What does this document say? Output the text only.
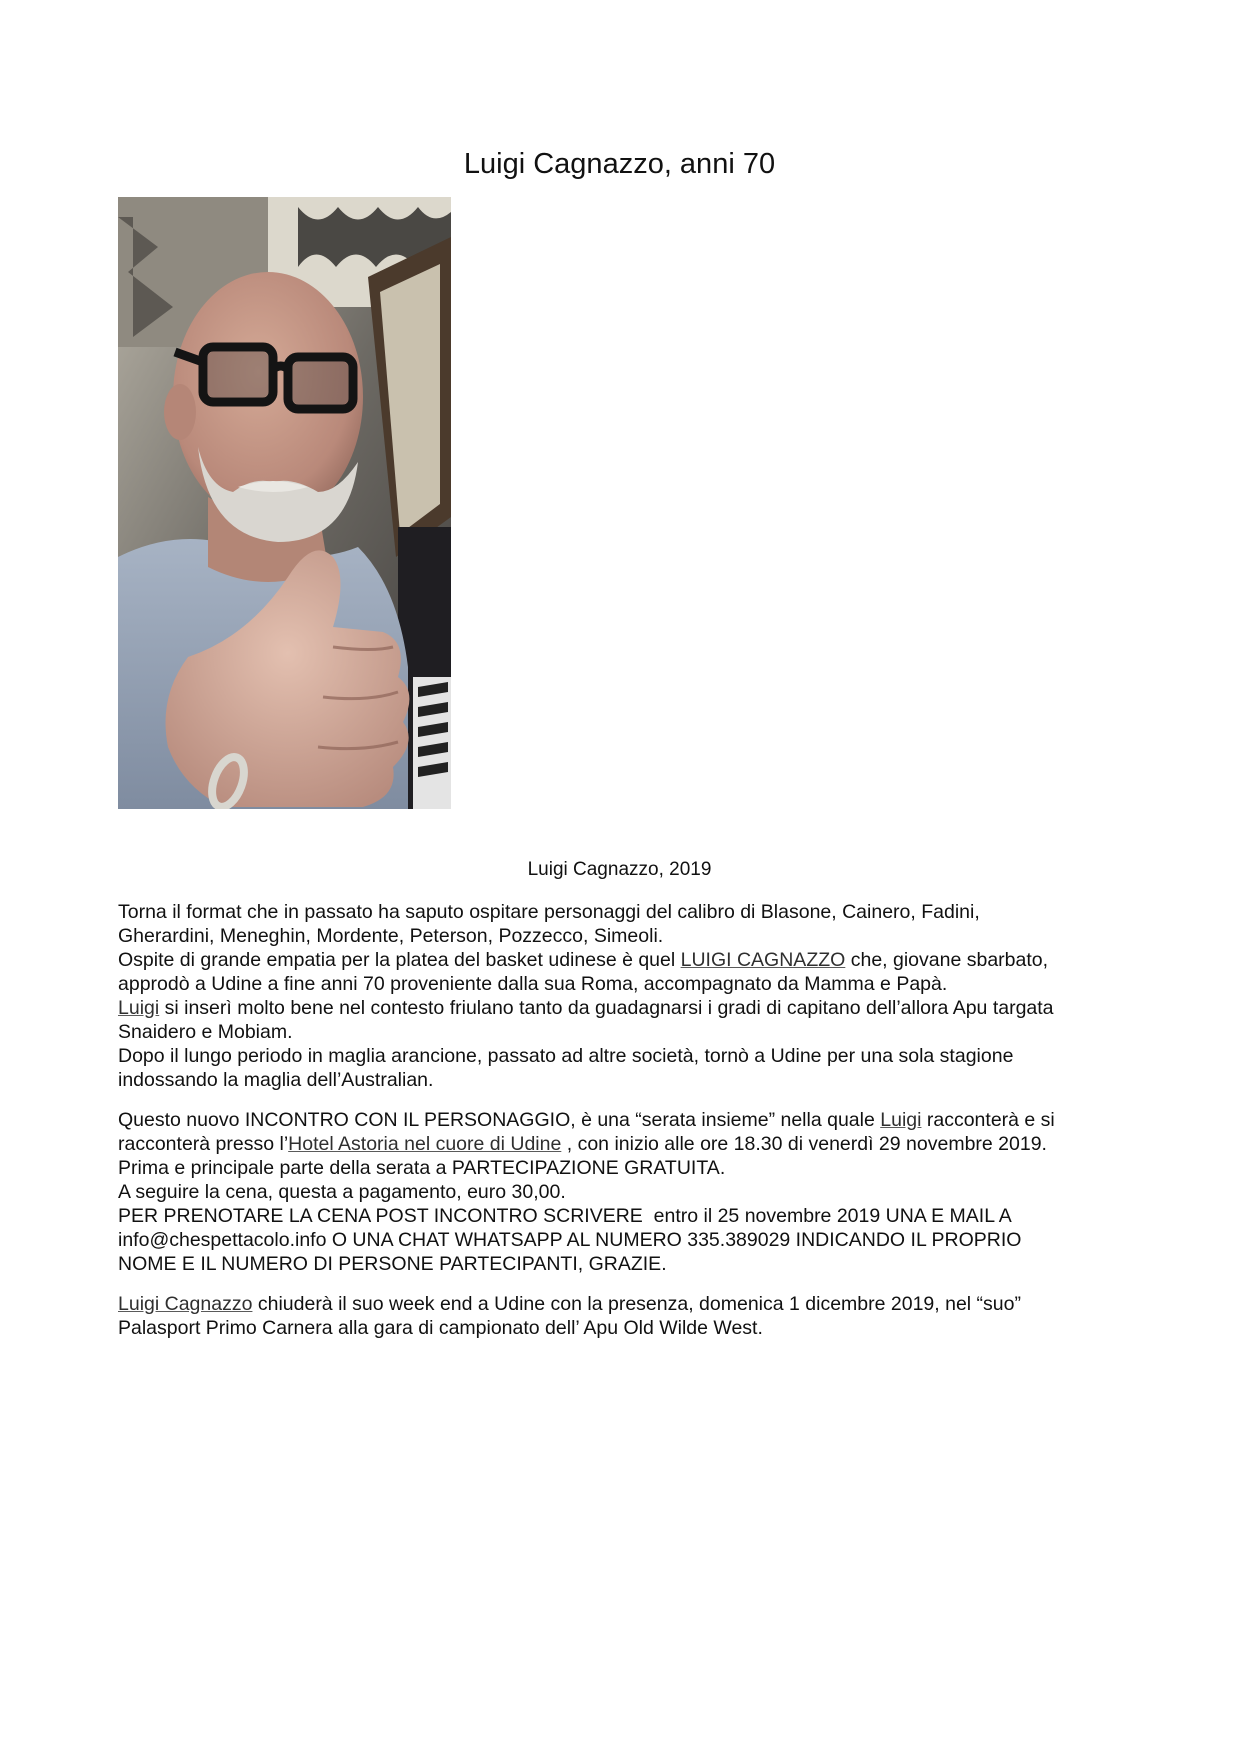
Luigi Cagnazzo, anni 70
Luigi Cagnazzo, 2019
Torna il format che in passato ha saputo ospitare personaggi del calibro di Blasone, Cainero, Fadini,
Gherardini, Meneghin, Mordente, Peterson, Pozzecco, Simeoli.
Ospite di grande empatia per la platea del basket udinese è quel LUIGI CAGNAZZO che, giovane sbarbato,
approdò a Udine a fine anni 70 proveniente dalla sua Roma, accompagnato da Mamma e Papà.
Luigi si inserì molto bene nel contesto friulano tanto da guadagnarsi i gradi di capitano dell’allora Apu targata
Snaidero e Mobiam.
Dopo il lungo periodo in maglia arancione, passato ad altre società, tornò a Udine per una sola stagione
indossando la maglia dell’Australian.
Questo nuovo INCONTRO CON IL PERSONAGGIO, è una “serata insieme” nella quale Luigi racconterà e si
racconterà presso l’Hotel Astoria nel cuore di Udine , con inizio alle ore 18.30 di venerdì 29 novembre 2019.
Prima e principale parte della serata a PARTECIPAZIONE GRATUITA.
A seguire la cena, questa a pagamento, euro 30,00.
PER PRENOTARE LA CENA POST INCONTRO SCRIVERE  entro il 25 novembre 2019 UNA E MAIL A
info@chespettacolo.info O UNA CHAT WHATSAPP AL NUMERO 335.389029 INDICANDO IL PROPRIO
NOME E IL NUMERO DI PERSONE PARTECIPANTI, GRAZIE.
Luigi Cagnazzo chiuderà il suo week end a Udine con la presenza, domenica 1 dicembre 2019, nel “suo”
Palasport Primo Carnera alla gara di campionato dell’ Apu Old Wilde West.
